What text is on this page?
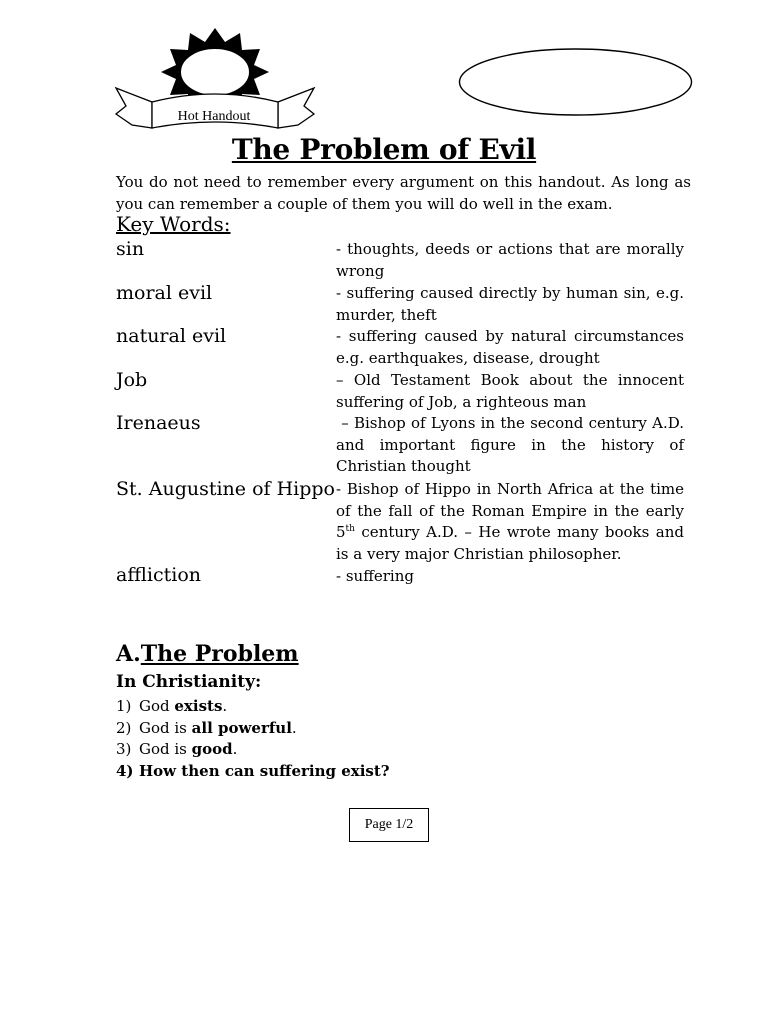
Hot Handout
The Problem of Evil
You do not need to remember every argument on this handout. As long as you can remember a couple of them you will do well in the exam.
Key Words:
sin	- thoughts, deeds or actions that are morally wrong
moral evil	- suffering caused directly by human sin, e.g. murder, theft
natural evil	- suffering caused by natural circumstances e.g. earthquakes, disease, drought
Job	– Old Testament Book about the innocent suffering of Job, a righteous man
Irenaeus	– Bishop of Lyons in the second century A.D. and important figure in the history of Christian thought
St. Augustine of Hippo - Bishop of Hippo in North Africa at the time of the fall of the Roman Empire in the early 5th century A.D. – He wrote many books and is a very major Christian philosopher.
affliction	- suffering
A.The Problem
In Christianity:
1) God exists.
2) God is all powerful.
3) God is good.
4) How then can suffering exist?
Page 1/2
